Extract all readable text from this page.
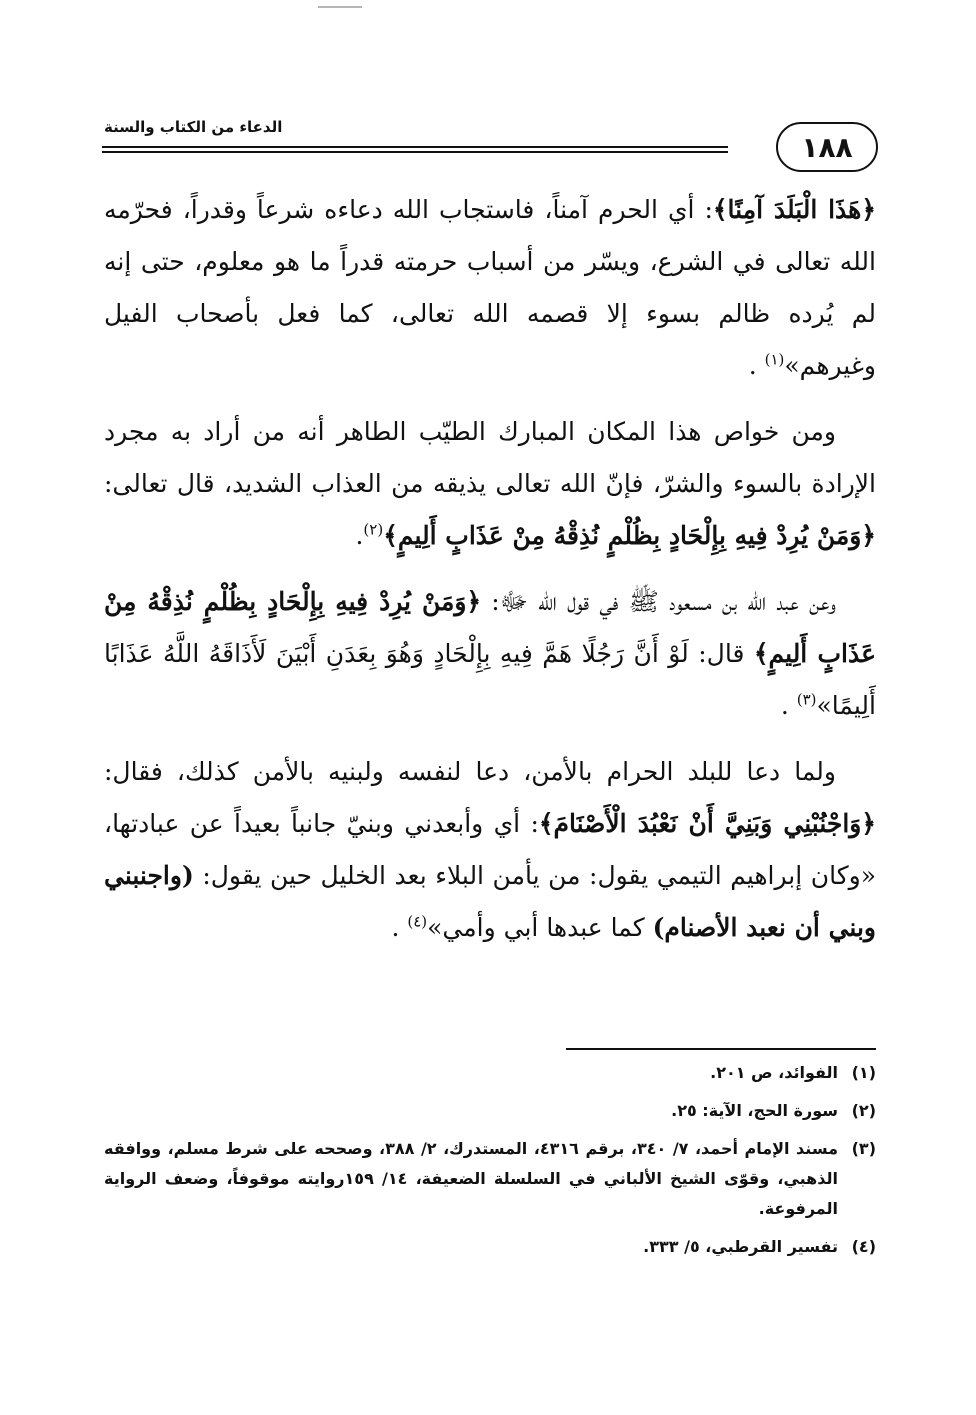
الدعاء من الكتاب والسنة
١٨٨

﴿هَذَا الْبَلَدَ آمِنًا﴾: أي الحرم آمناً، فاستجاب الله دعاءه شرعاً وقدراً، فحرّمه الله تعالى في الشرع، ويسّر من أسباب حرمته قدراً ما هو معلوم، حتى إنه لم يُرده ظالم بسوء إلا قصمه الله تعالى، كما فعل بأصحاب الفيل وغيرهم»$^{(١)}$ .

ومن خواص هذا المكان المبارك الطيّب الطاهر أنه من أراد به مجرد الإرادة بالسوء والشرّ، فإنّ الله تعالى يذيقه من العذاب الشديد، قال تعالى: ﴿وَمَنْ يُرِدْ فِيهِ بِإِلْحَادٍ بِظُلْمٍ نُذِقْهُ مِنْ عَذَابٍ أَلِيمٍ﴾$^{(٢)}$.

وعن عبد الله بن مسعود ﷺ في قول الله ﷻ: ﴿وَمَنْ يُرِدْ فِيهِ بِإِلْحَادٍ بِظُلْمٍ نُذِقْهُ مِنْ عَذَابٍ أَلِيمٍ﴾ قال: لَوْ أَنَّ رَجُلًا هَمَّ فِيهِ بِإِلْحَادٍ وَهُوَ بِعَدَنِ أَبْيَنَ لَأَذَاقَهُ اللَّهُ عَذَابًا أَلِيمًا»$^{(٣)}$ .

ولما دعا للبلد الحرام بالأمن، دعا لنفسه ولبنيه بالأمن كذلك، فقال: ﴿وَاجْنُبْنِي وَبَنِيَّ أَنْ نَعْبُدَ الْأَصْنَامَ﴾: أي وأبعدني وبنيّ جانباً بعيداً عن عبادتها، «وكان إبراهيم التيمي يقول: من يأمن البلاء بعد الخليل حين يقول: (واجنبني وبني أن نعبد الأصنام) كما عبدها أبي وأمي»$^{(٤)}$ .

(١)
الفوائد، ص ٢٠١.
(٢)
سورة الحج، الآية: ٢٥.
(٣)
مسند الإمام أحمد، ٧/ ٣٤٠، برقم ٤٣١٦، المستدرك، ٢/ ٣٨٨، وصححه على شرط مسلم، ووافقه الذهبي، وقوّى الشيخ الألباني في السلسلة الضعيفة، ١٤/ ١٥٩روايته موقوفاً، وضعف الرواية المرفوعة.
(٤)
تفسير القرطبي، ٥/ ٣٣٣.
